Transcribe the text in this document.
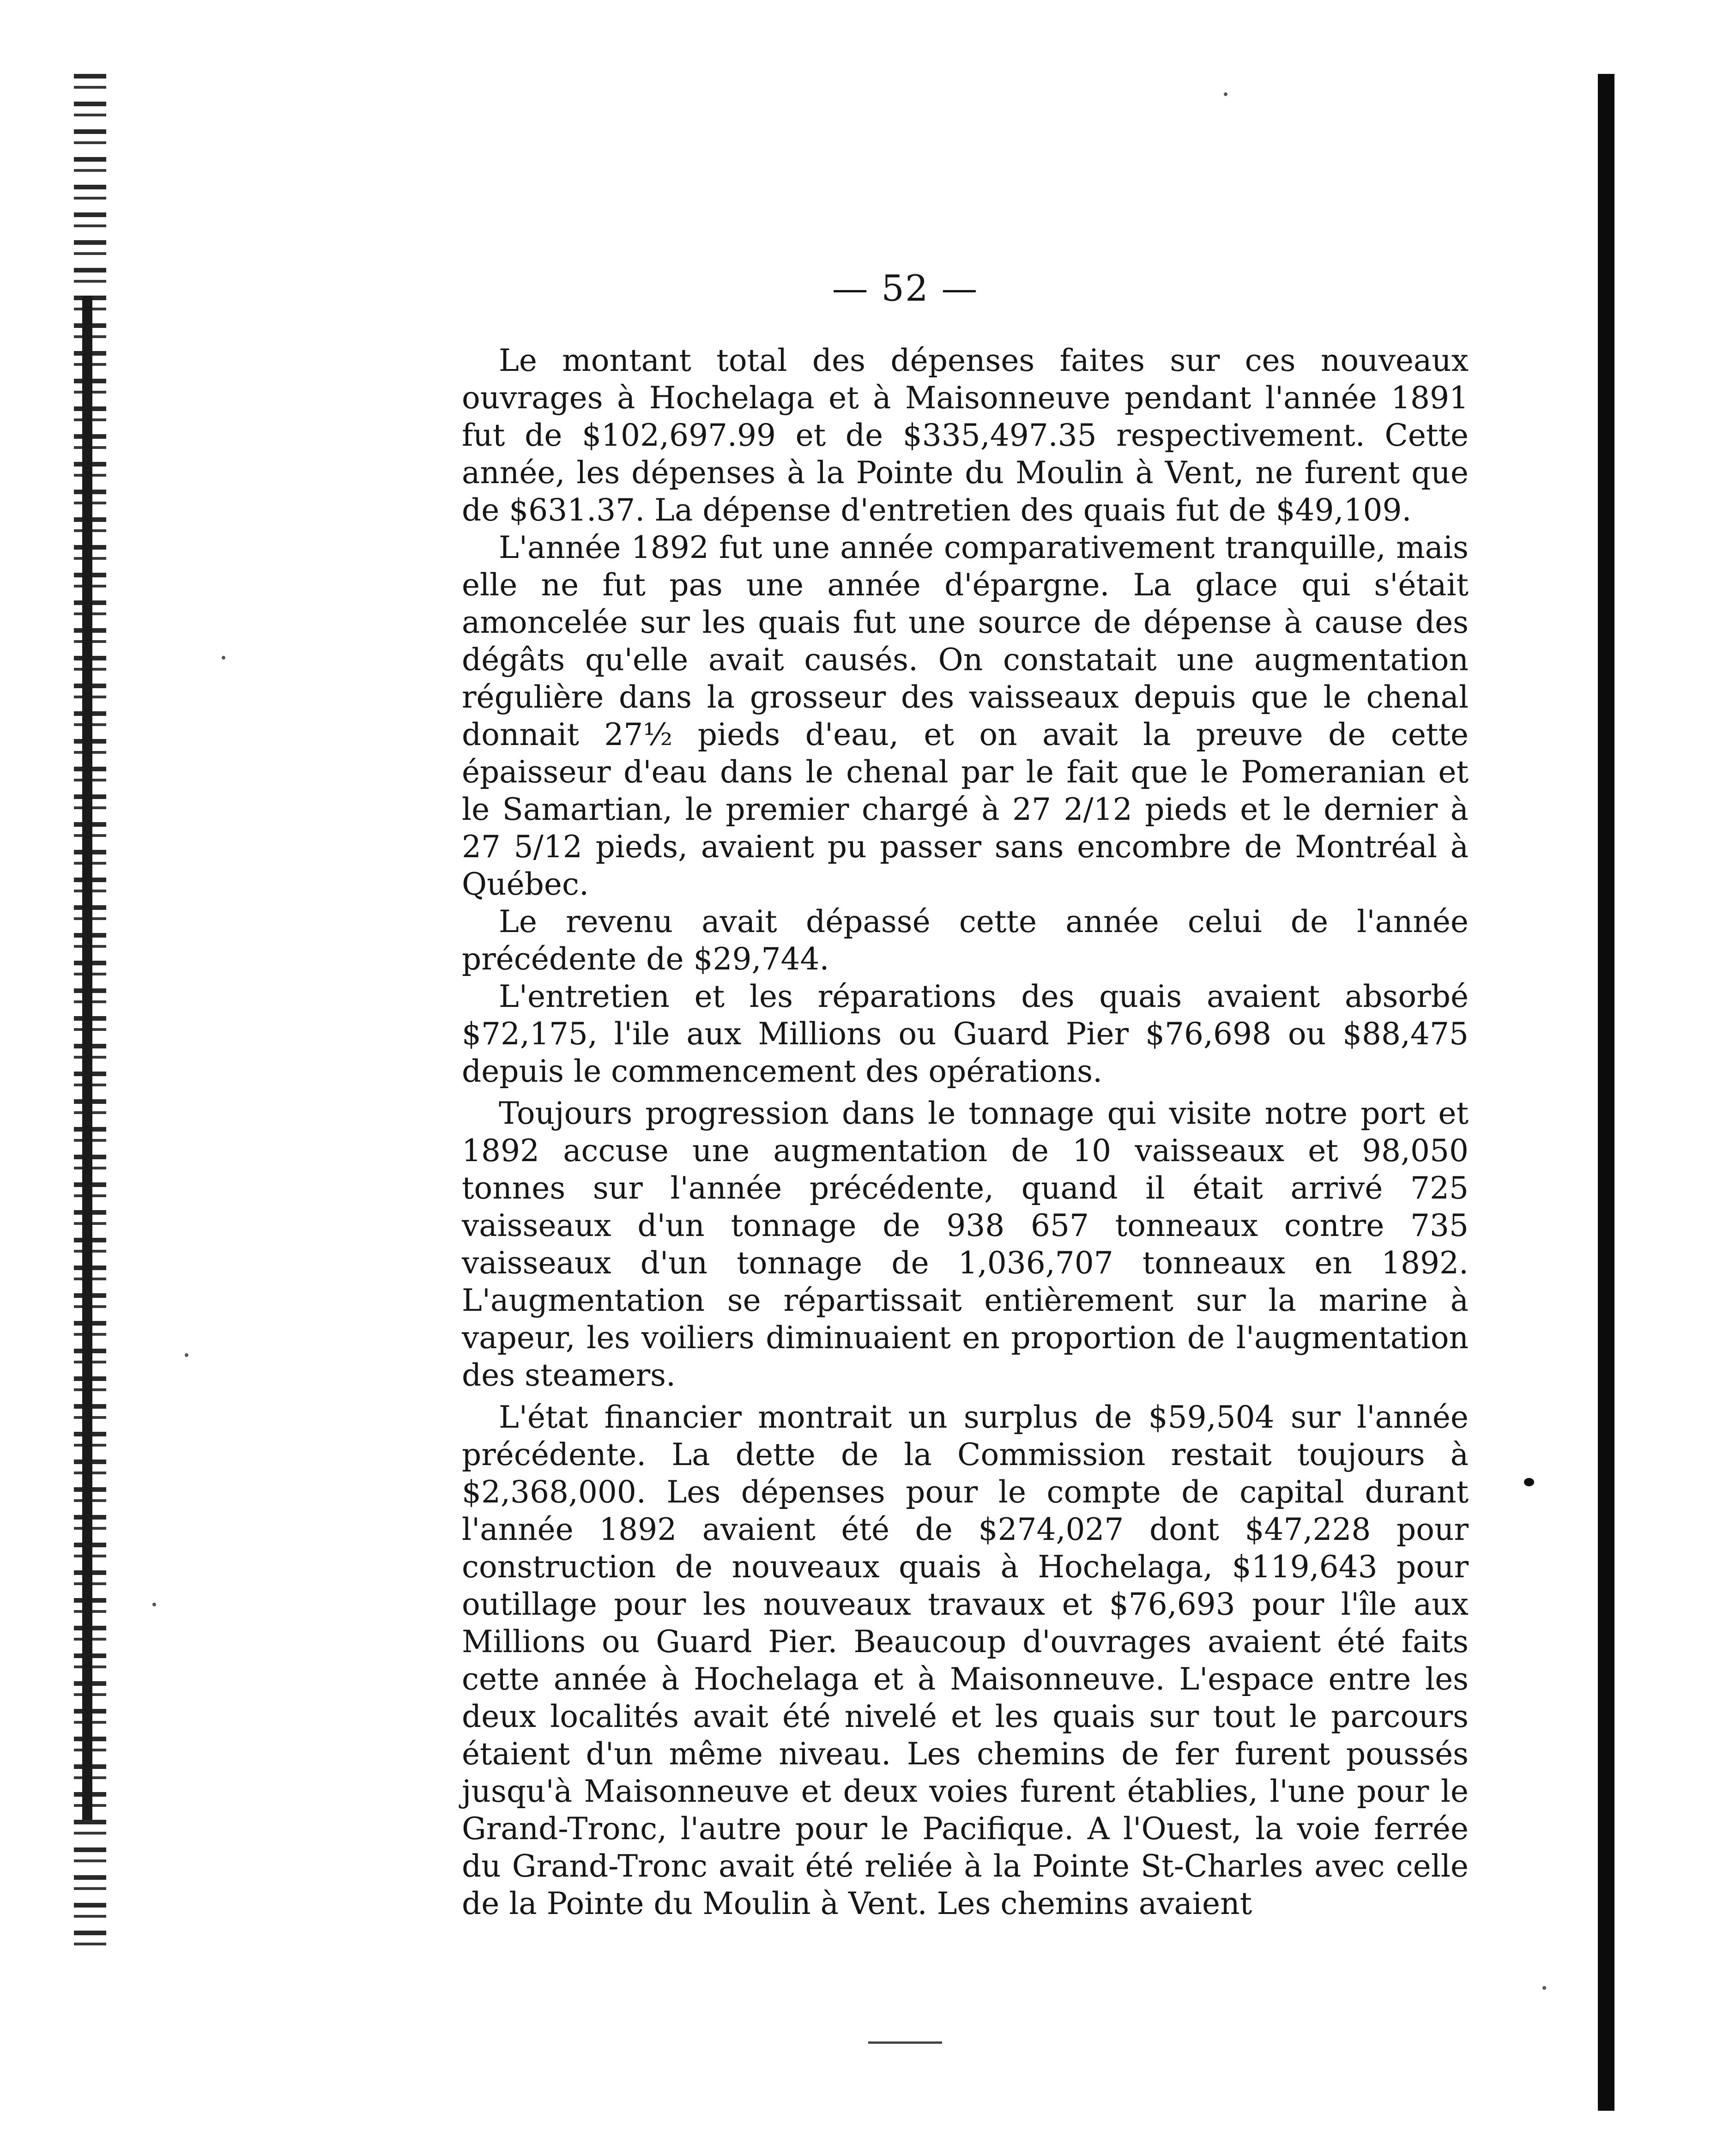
— 52 —

Le montant total des dépenses faites sur ces nouveaux ouvrages à Hochelaga et à Maisonneuve pendant l'année 1891 fut de $102,697.99 et de $335,497.35 respectivement. Cette année, les dépenses à la Pointe du Moulin à Vent, ne furent que de $631.37. La dépense d'entretien des quais fut de $49,109.

L'année 1892 fut une année comparativement tranquille, mais elle ne fut pas une année d'épargne. La glace qui s'était amoncelée sur les quais fut une source de dépense à cause des dégâts qu'elle avait causés. On constatait une augmentation régulière dans la grosseur des vaisseaux depuis que le chenal donnait 27½ pieds d'eau, et on avait la preuve de cette épaisseur d'eau dans le chenal par le fait que le Pomeranian et le Samartian, le premier chargé à 27 2/12 pieds et le dernier à 27 5/12 pieds, avaient pu passer sans encombre de Montréal à Québec.

Le revenu avait dépassé cette année celui de l'année précédente de $29,744.

L'entretien et les réparations des quais avaient absorbé $72,175, l'ile aux Millions ou Guard Pier $76,698 ou $88,475 depuis le commencement des opérations.

Toujours progression dans le tonnage qui visite notre port et 1892 accuse une augmentation de 10 vaisseaux et 98,050 tonnes sur l'année précédente, quand il était arrivé 725 vaisseaux d'un tonnage de 938 657 tonneaux contre 735 vaisseaux d'un tonnage de 1,036,707 tonneaux en 1892. L'augmentation se répartissait entièrement sur la marine à vapeur, les voiliers diminuaient en proportion de l'augmentation des steamers.

L'état financier montrait un surplus de $59,504 sur l'année précédente. La dette de la Commission restait toujours à $2,368,000. Les dépenses pour le compte de capital durant l'année 1892 avaient été de $274,027 dont $47,228 pour construction de nouveaux quais à Hochelaga, $119,643 pour outillage pour les nouveaux travaux et $76,693 pour l'île aux Millions ou Guard Pier. Beaucoup d'ouvrages avaient été faits cette année à Hochelaga et à Maisonneuve. L'espace entre les deux localités avait été nivelé et les quais sur tout le parcours étaient d'un même niveau. Les chemins de fer furent poussés jusqu'à Maisonneuve et deux voies furent établies, l'une pour le Grand-Tronc, l'autre pour le Pacifique. A l'Ouest, la voie ferrée du Grand-Tronc avait été reliée à la Pointe St-Charles avec celle de la Pointe du Moulin à Vent. Les chemins avaient
